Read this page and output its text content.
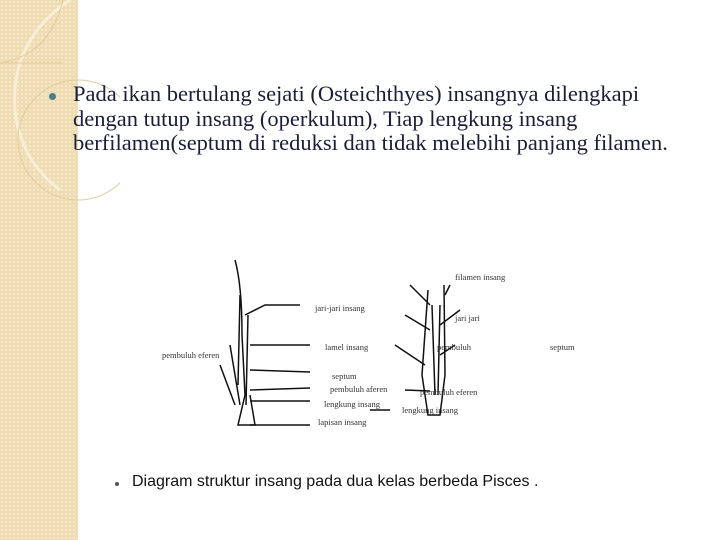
Pada ikan bertulang sejati (Osteichthyes) insangnya dilengkapi dengan tutup insang (operkulum), Tiap lengkung insang berfilamen(septum di reduksi dan tidak melebihi panjang filamen.

jari-jari insang
lamel insang
pembuluh eferen
septum
pembuluh aferen
lengkung insang
lapisan insang
filamen insang
jari jari
pembuluh	septum
pembuluh eferen
lengkung insang
Diagram struktur insang pada dua kelas berbeda Pisces .
